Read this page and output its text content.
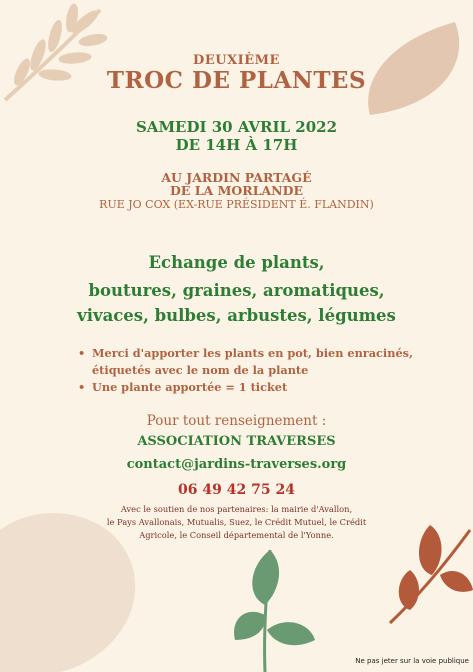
DEUXIÈME
TROC DE PLANTES
SAMEDI 30 AVRIL 2022
DE 14H À 17H
AU JARDIN PARTAGÉ
DE LA MORLANDE
RUE JO COX (EX-RUE PRÉSIDENT É. FLANDIN)
Echange de plants,
boutures, graines, aromatiques,
vivaces, bulbes, arbustes, légumes
• Merci d'apporter les plants en pot, bien enracinés,
étiquetés avec le nom de la plante
• Une plante apportée = 1 ticket
Pour tout renseignement :
ASSOCIATION TRAVERSES
contact@jardins-traverses.org
06 49 42 75 24
Avec le soutien de nos partenaires: la mairie d'Avallon,
le Pays Avallonais, Mutualis, Suez, le Crédit Mutuel, le Crédit
Agricole, le Conseil départemental de l'Yonne.
Ne pas jeter sur la voie publique
